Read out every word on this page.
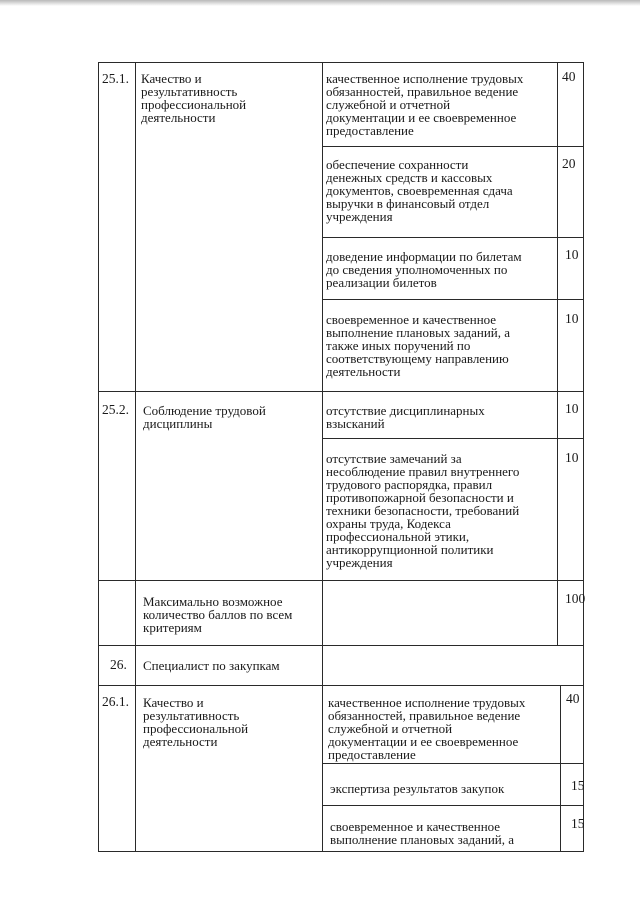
25.1. Качество и
результативность
профессиональной
деятельности
качественное исполнение трудовых
обязанностей, правильное ведение
служебной и отчетной
документации и ее своевременное
предоставление
40
обеспечение сохранности
денежных средств и кассовых
документов, своевременная сдача
выручки в финансовый отдел
учреждения
20
доведение информации по билетам
до сведения уполномоченных по
реализации билетов
10
своевременное и качественное
выполнение плановых заданий, а
также иных поручений по
соответствующему направлению
деятельности
10
25.2. Соблюдение трудовой
дисциплины
отсутствие дисциплинарных
взысканий
10
отсутствие замечаний за
несоблюдение правил внутреннего
трудового распорядка, правил
противопожарной безопасности и
техники безопасности, требований
охраны труда, Кодекса
профессиональной этики,
антикоррупционной политики
учреждения
10
Максимально возможное
количество баллов по всем
критериям
100
26. Специалист по закупкам
26.1. Качество и
результативность
профессиональной
деятельности
качественное исполнение трудовых
обязанностей, правильное ведение
служебной и отчетной
документации и ее своевременное
предоставление
40
экспертиза результатов закупок	15
своевременное и качественное
выполнение плановых заданий, а
15
